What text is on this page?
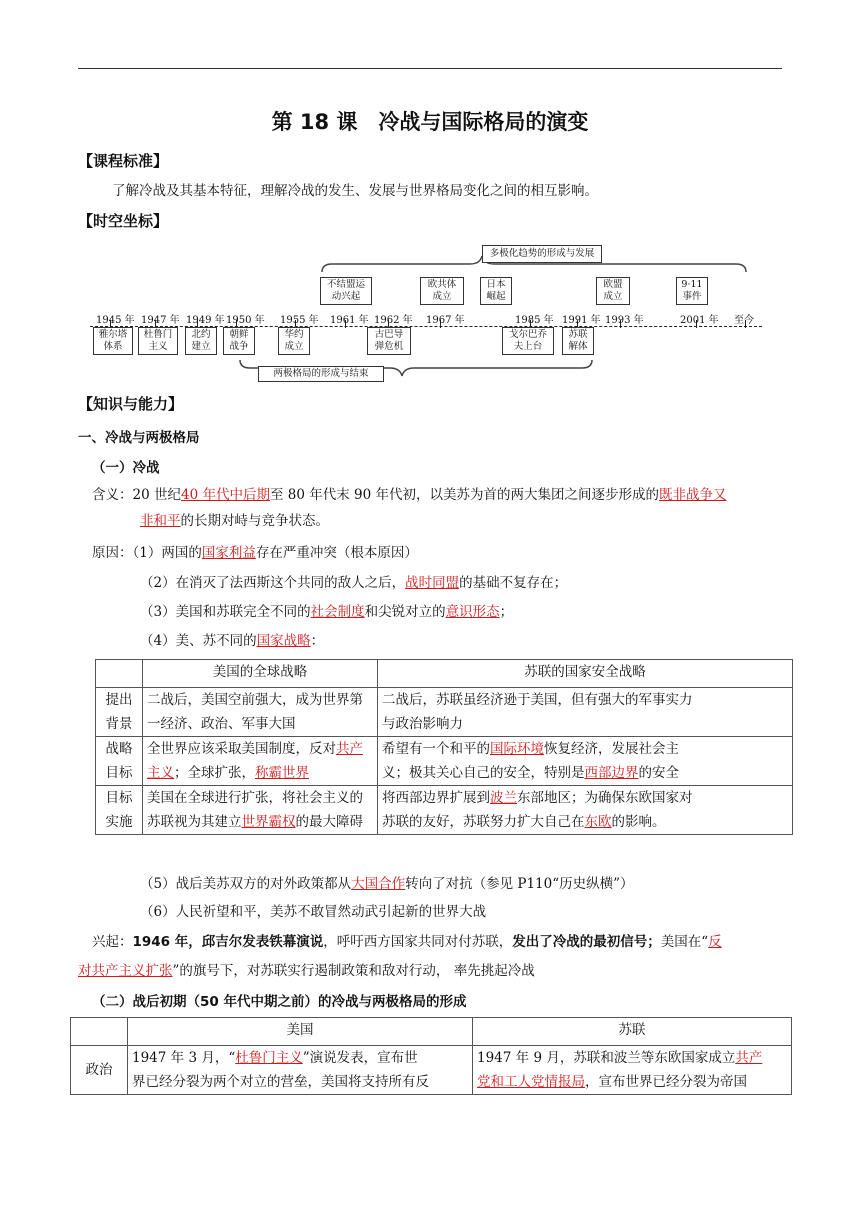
第 18 课　冷战与国际格局的演变
【课程标准】
了解冷战及其基本特征，理解冷战的发生、发展与世界格局变化之间的相互影响。
【时空坐标】
多极化趋势的形成与发展
两极格局的形成与结束
不结盟运
动兴起
欧共体
成立
日本
崛起
欧盟
成立
9·11
事件
1945 年 1947 年 1949 年 1950 年 1955 年 1961 年 1962 年 1967 年	1985 年 1991 年 1993 年	2001 年 至今
雅尔塔
体系
杜鲁门
主义
北约
建立
朝鲜
战争
华约
成立
古巴导
弹危机
戈尔巴乔
夫上台
苏联
解体
【知识与能力】
一、冷战与两极格局
（一）冷战
含义：20 世纪40 年代中后期至 80 年代末 90 年代初，以美苏为首的两大集团之间逐步形成的既非战争又
非和平的长期对峙与竞争状态。
原因：（1）两国的国家利益存在严重冲突（根本原因）
（2）在消灭了法西斯这个共同的敌人之后，战时同盟的基础不复存在；
（3）美国和苏联完全不同的社会制度和尖锐对立的意识形态；
（4）美、苏不同的国家战略：
	美国的全球战略	苏联的国家安全战略
提出
背景	二战后，美国空前强大，成为世界第
一经济、政治、军事大国	二战后，苏联虽经济逊于美国，但有强大的军事实力
与政治影响力
战略
目标	全世界应该采取美国制度，反对共产
主义；全球扩张，称霸世界	希望有一个和平的国际环境恢复经济，发展社会主
义；极其关心自己的安全，特别是西部边界的安全
目标
实施	美国在全球进行扩张，将社会主义的
苏联视为其建立世界霸权的最大障碍	将西部边界扩展到波兰东部地区；为确保东欧国家对
苏联的友好，苏联努力扩大自己在东欧的影响。
（5）战后美苏双方的对外政策都从大国合作转向了对抗（参见 P110“历史纵横”）
（6）人民祈望和平，美苏不敢冒然动武引起新的世界大战
兴起：1946 年，邱吉尔发表铁幕演说，呼吁西方国家共同对付苏联，发出了冷战的最初信号；美国在“反
对共产主义扩张”的旗号下，对苏联实行遏制政策和敌对行动， 率先挑起冷战
（二）战后初期（50 年代中期之前）的冷战与两极格局的形成
	美国	苏联
政治	1947 年 3 月，“杜鲁门主义”演说发表，宣布世
界已经分裂为两个对立的营垒，美国将支持所有反	1947 年 9 月，苏联和波兰等东欧国家成立共产
党和工人党情报局，宣布世界已经分裂为帝国
